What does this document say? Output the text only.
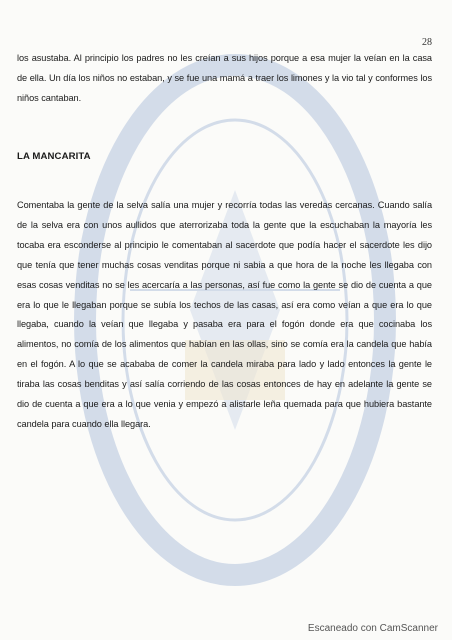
28

los asustaba. Al principio los padres no les creían a sus hijos porque a esa mujer la veían en la casa de ella. Un día los niños no estaban, y se fue una mamá a traer los limones y la vio tal y conformes los niños cantaban.

LA MANCARITA

Comentaba la gente de la selva salía una mujer y recorría todas las veredas cercanas. Cuando salía de la selva era con unos aullidos que aterrorizaba toda la gente que la escuchaban la mayoría les tocaba era esconderse al principio le comentaban al sacerdote que podía hacer el sacerdote les dijo que tenía que tener muchas cosas venditas porque ni sabia a que hora de la noche les llegaba con esas cosas venditas no se les acercaría a las personas, así fue como la gente se dio de cuenta a que era lo que le llegaban porque se subía los techos de las casas, así era como veían a que era lo que llegaba, cuando la veían que llegaba y pasaba era para el fogón donde era que cocinaba los alimentos, no comía de los alimentos que habían en las ollas, sino se comía era la candela que había en el fogón. A lo que se acababa de comer la candela miraba para lado y lado entonces la gente le tiraba las cosas benditas y así salía corriendo de las cosas entonces de hay en adelante la gente se dio de cuenta a que era a lo que venia y empezó a alistarle leña quemada para que hubiera bastante candela para cuando ella llegara.

Escaneado con CamScanner
